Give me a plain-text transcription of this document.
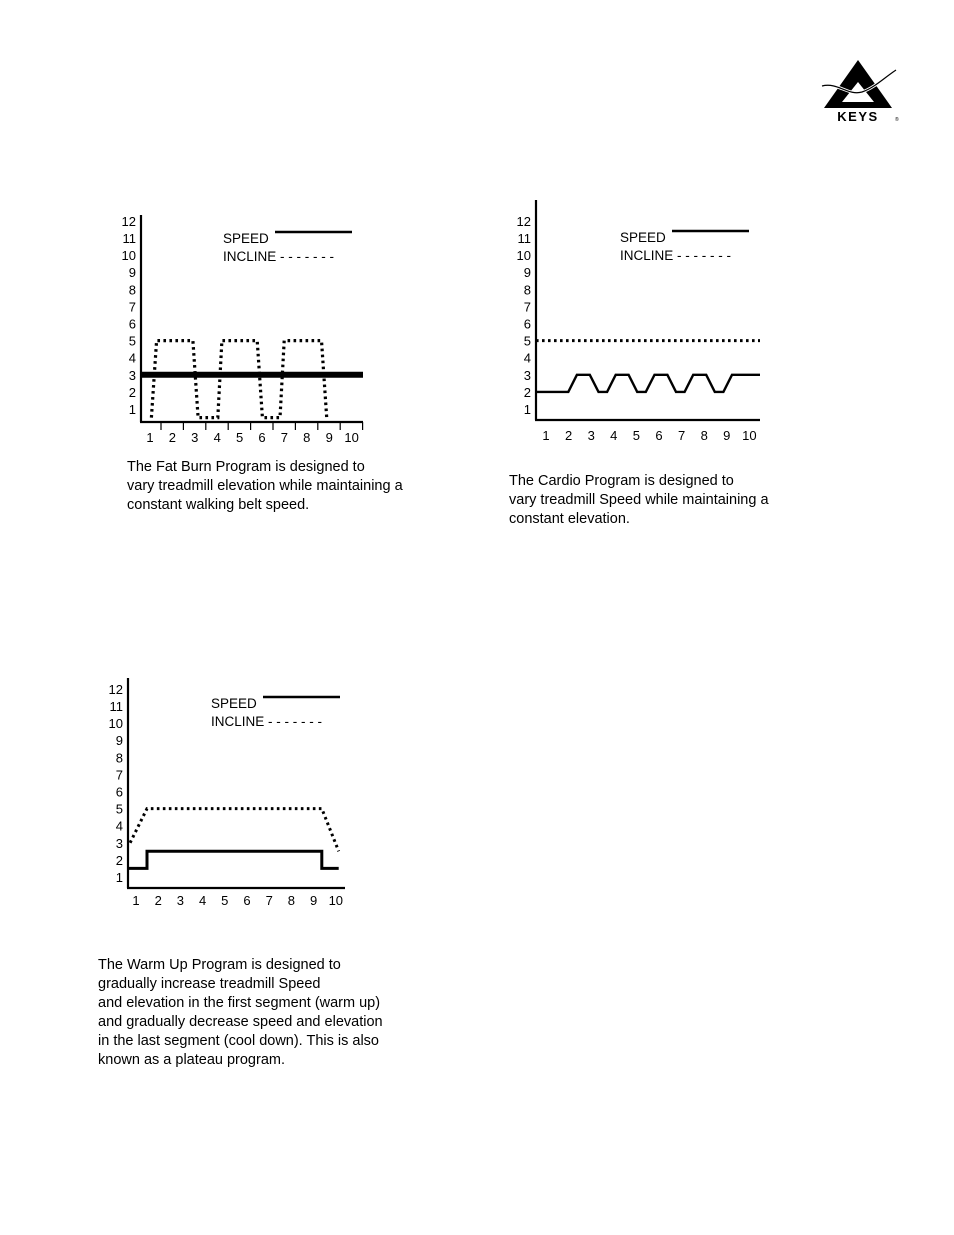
KEYS	®
1
2
3
4
5
6
7
8
9
10
11
12
1 2 3 4 5 6 7 8 9 10
SPEED
INCLINE - - - - - - -

The Fat Burn Program is designed to
vary treadmill elevation while maintaining a
constant walking belt speed.

1
2
3
4
5
6
7
8
9
10
11
12
1 2 3 4 5 6 7 8 9 10
SPEED
INCLINE - - - - - - -

The Cardio Program is designed to
vary treadmill Speed while maintaining a
constant elevation.

1
2
3
4
5
6
7
8
9
10
11
12
1 2 3 4 5 6 7 8 9 10
SPEED
INCLINE - - - - - - -

The Warm Up Program is designed to
gradually increase treadmill Speed
and elevation in the first segment (warm up)
and gradually decrease speed and elevation
in the last segment (cool down). This is also
known as a plateau program.
